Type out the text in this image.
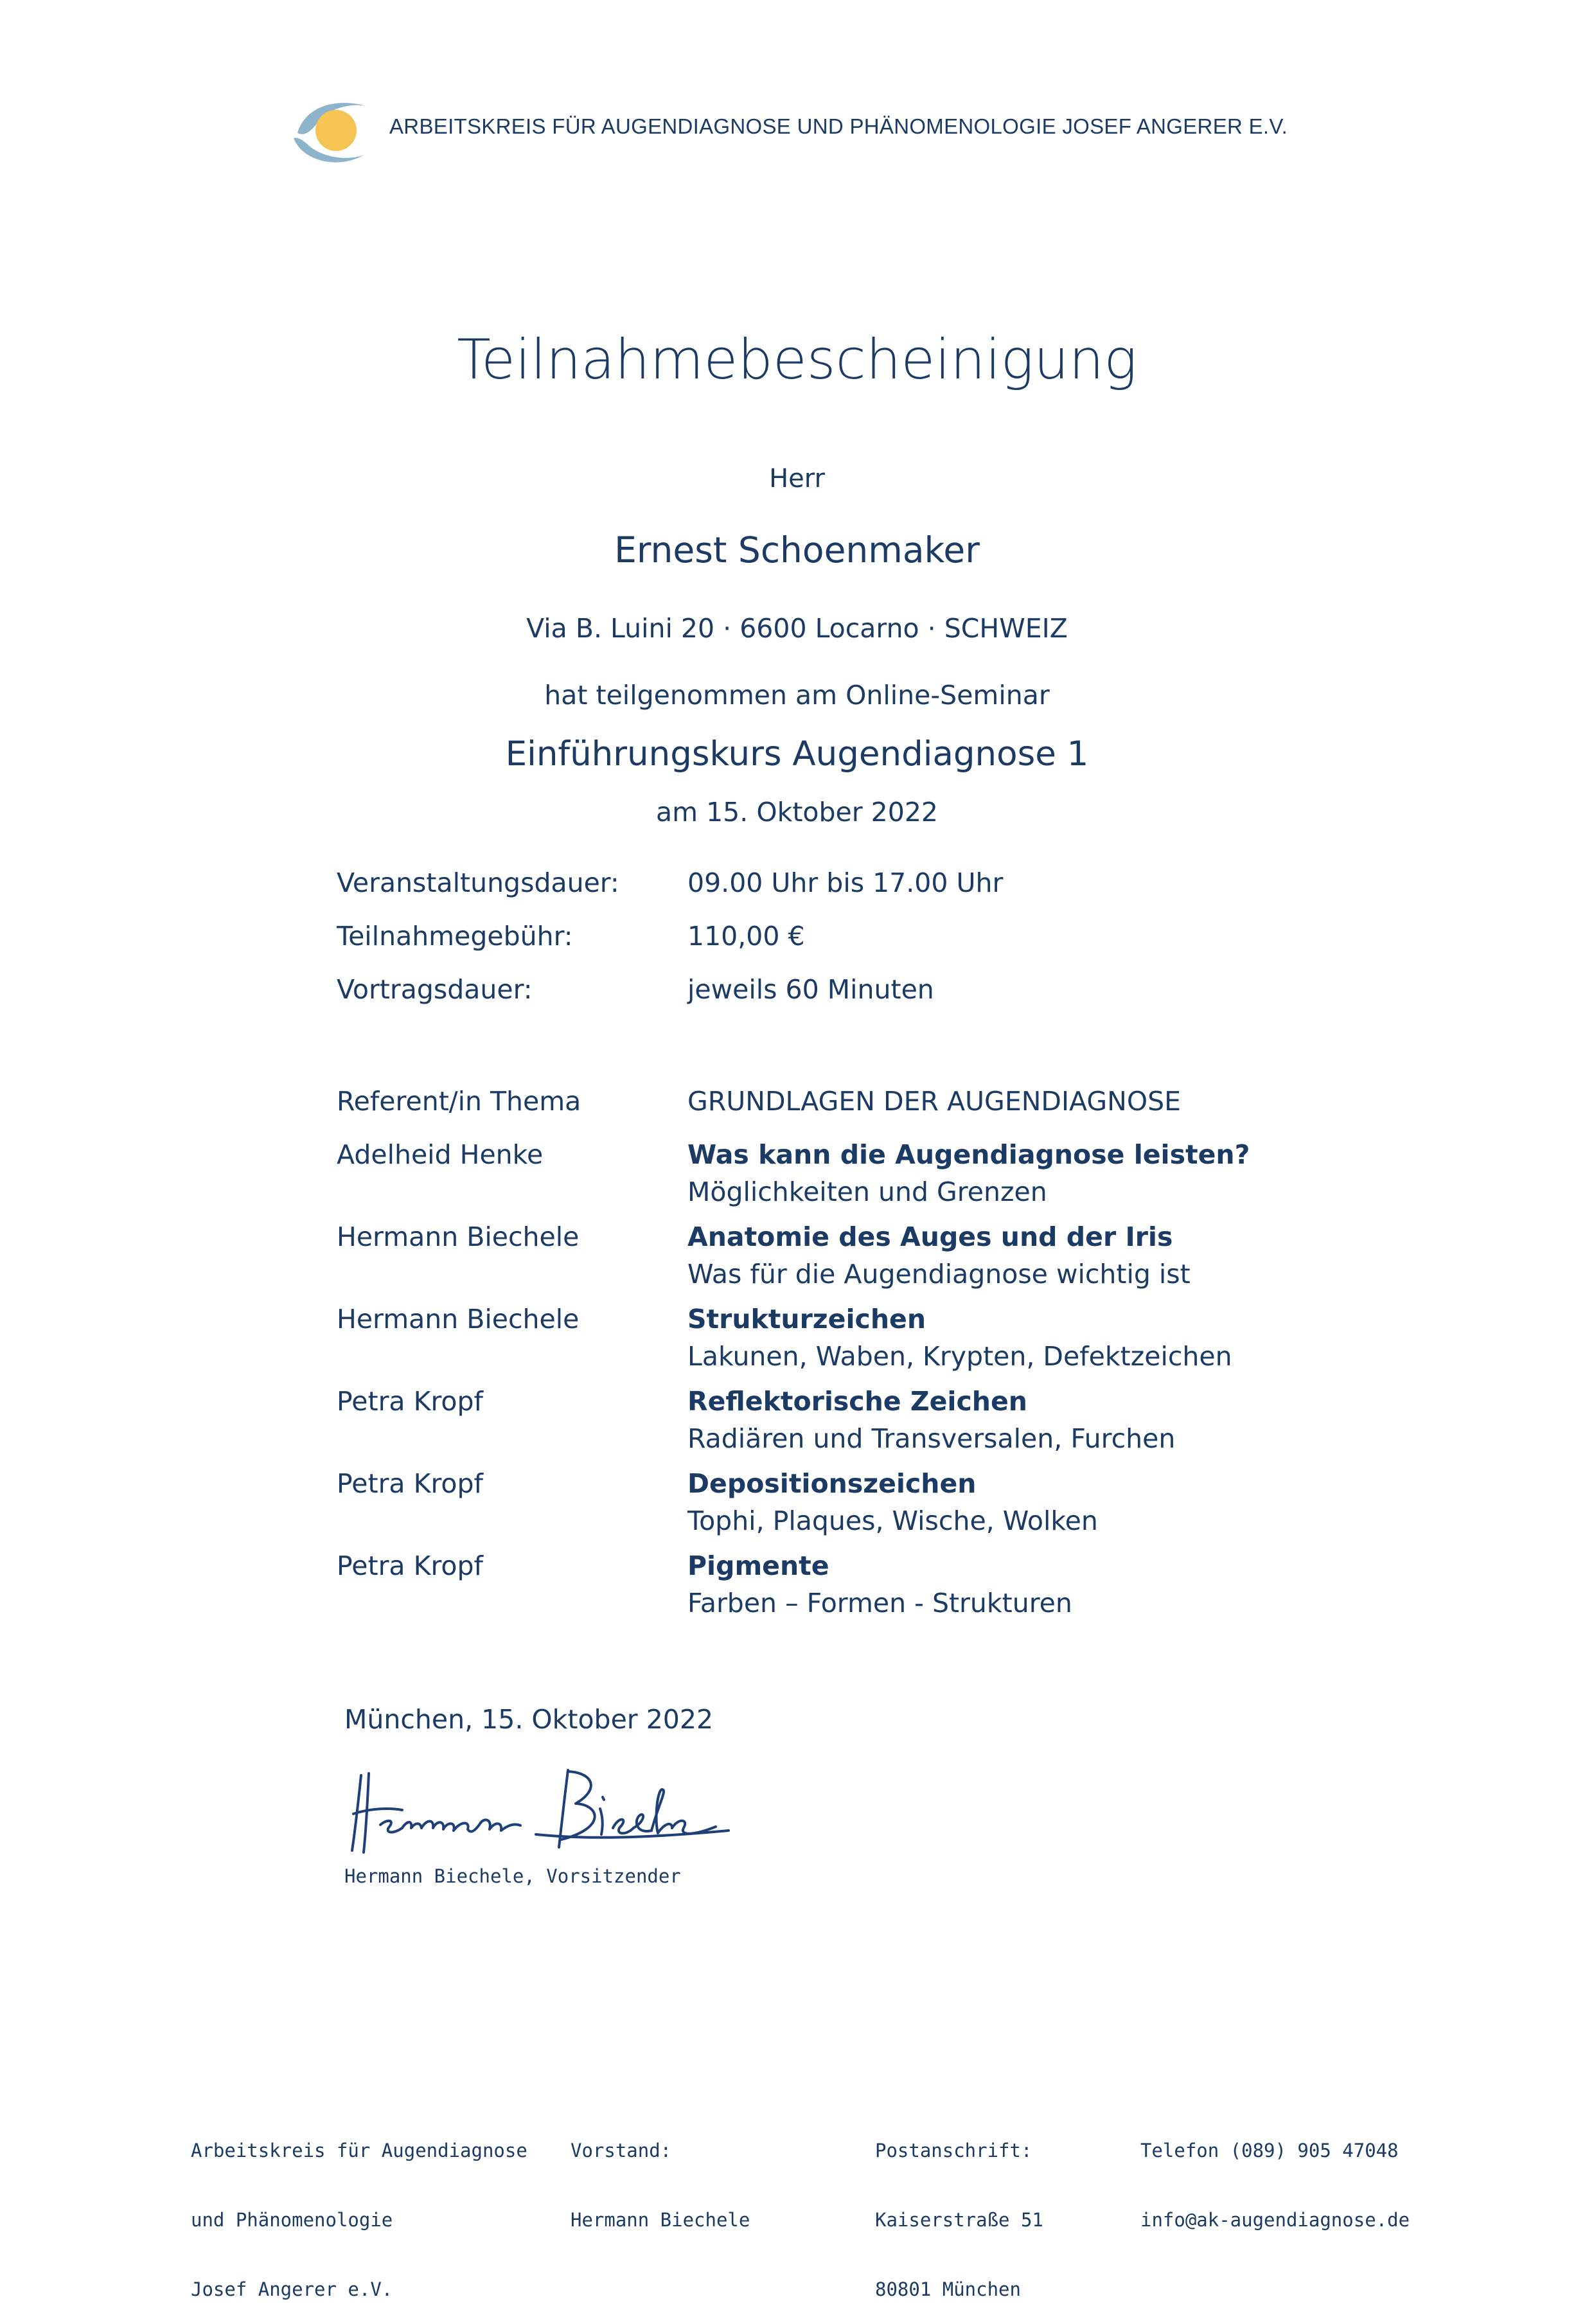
ARBEITSKREIS FÜR AUGENDIAGNOSE UND PHÄNOMENOLOGIE JOSEF ANGERER E.V.
Teilnahmebescheinigung
Herr
Ernest Schoenmaker
Via B. Luini 20 · 6600 Locarno · SCHWEIZ
hat teilgenommen am Online-Seminar
Einführungskurs Augendiagnose 1
am 15. Oktober 2022
Veranstaltungsdauer:	09.00 Uhr bis 17.00 Uhr
Teilnahmegebühr:	110,00 €
Vortragsdauer:	jeweils 60 Minuten
Referent/in Thema	GRUNDLAGEN DER AUGENDIAGNOSE
Adelheid Henke	Was kann die Augendiagnose leisten?
Möglichkeiten und Grenzen
Hermann Biechele	Anatomie des Auges und der Iris
Was für die Augendiagnose wichtig ist
Hermann Biechele	Strukturzeichen
Lakunen, Waben, Krypten, Defektzeichen
Petra Kropf	Reflektorische Zeichen
Radiären und Transversalen, Furchen
Petra Kropf	Depositionszeichen
Tophi, Plaques, Wische, Wolken
Petra Kropf	Pigmente
Farben – Formen - Strukturen
München, 15. Oktober 2022
Hermann Biechele, Vorsitzender

Arbeitskreis für Augendiagnose

und Phänomenologie

Josef Angerer e.V.

Vorstand:

Hermann Biechele

Postanschrift:

Kaiserstraße 51

80801 München

Telefon (089) 905 47048

info@ak-augendiagnose.de
